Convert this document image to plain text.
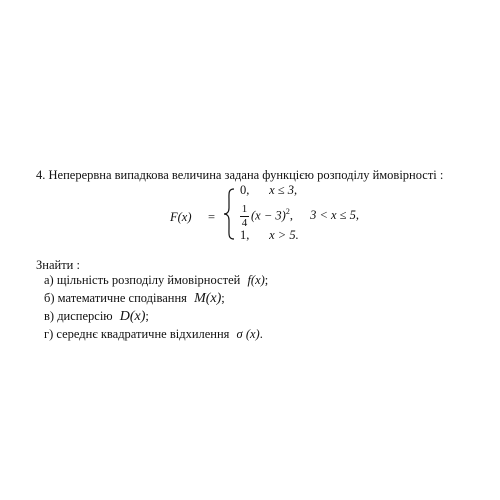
4. Неперервна випадкова величина задана функцією розподілу ймовірності :
F(x) =
0, x ≤ 3,
$\frac{1}{4} (x - 3)^2$, 3 < x ≤ 5,
1, x > 5.
Знайти :
а) щільність розподілу ймовірностей f(x);
б) математичне сподівання M(x);
в) дисперсію D(x);
г) середнє квадратичне відхилення σ (x).
